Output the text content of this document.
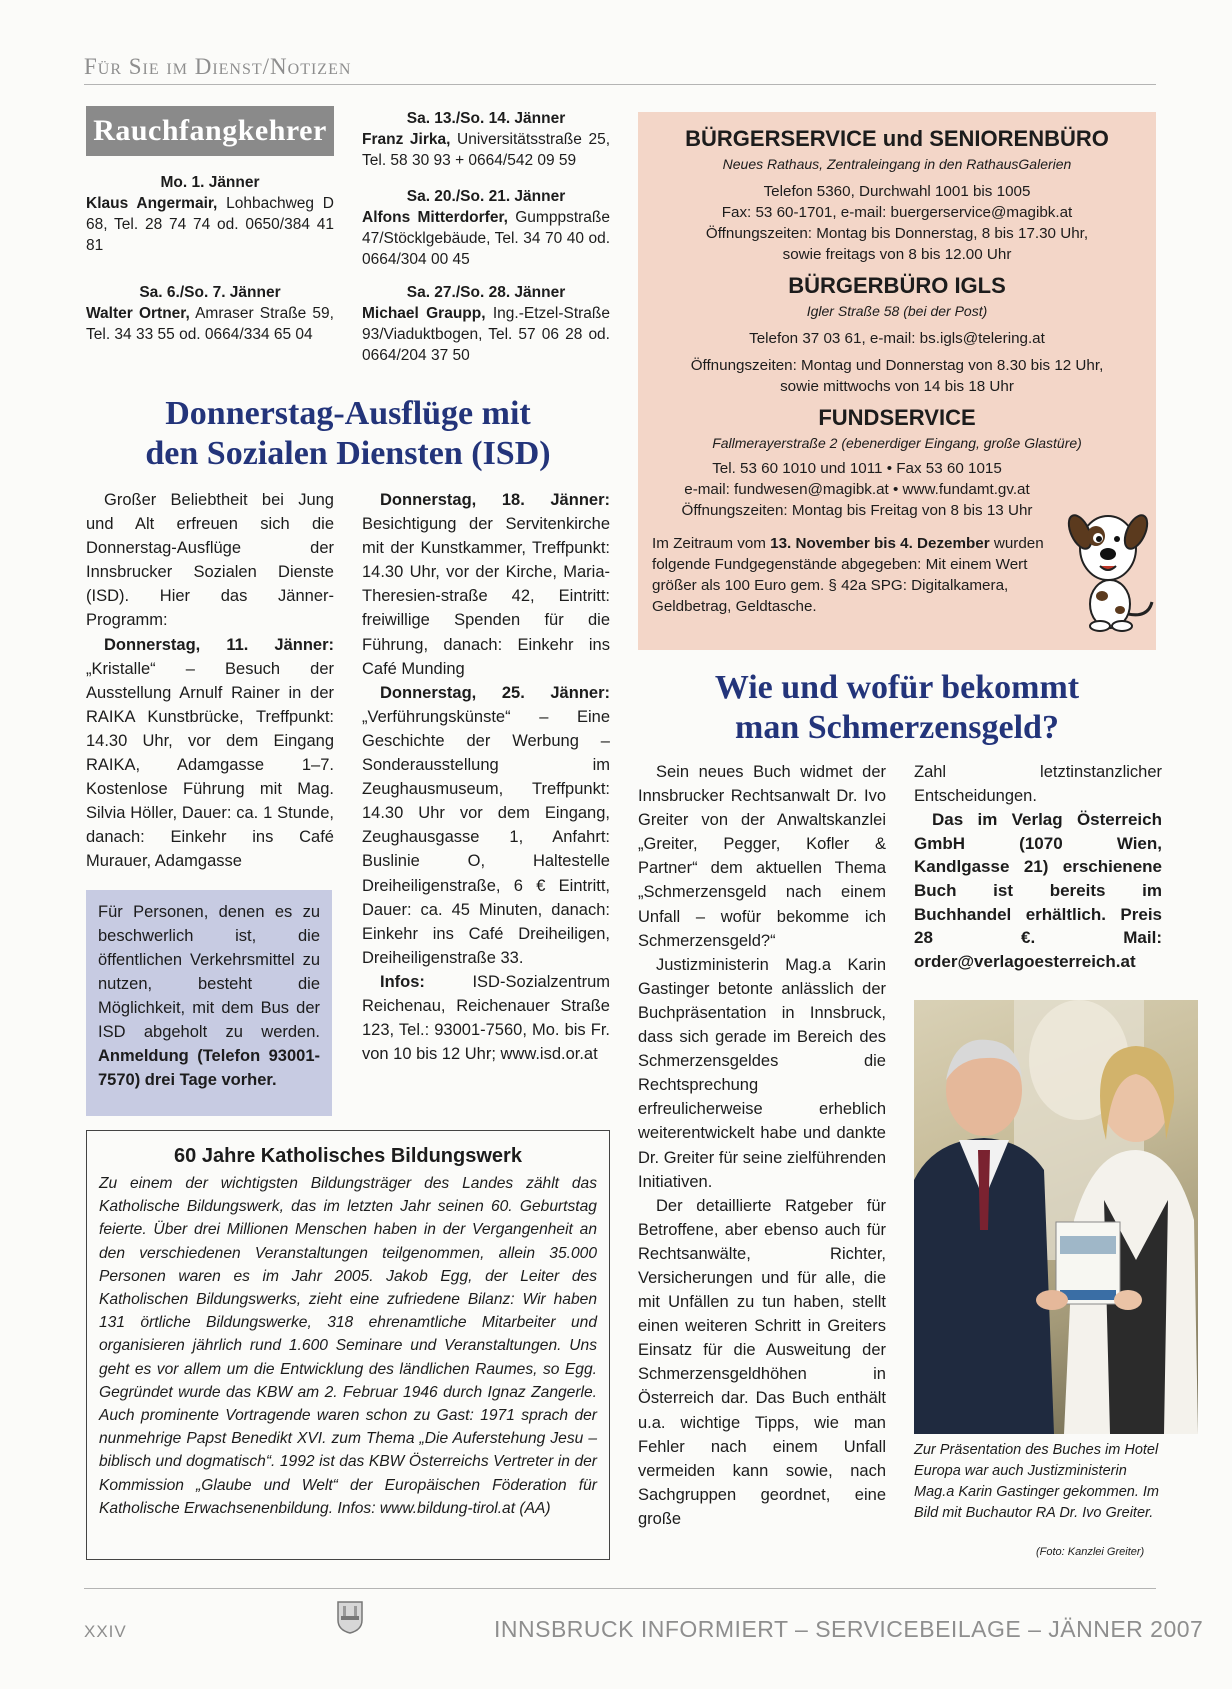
Für Sie im Dienst/Notizen
Rauchfangkehrer
Mo. 1. Jänner
Klaus Angermair, Lohbachweg D 68, Tel. 28 74 74 od. 0650/384 41 81
Sa. 6./So. 7. Jänner
Walter Ortner, Amraser Straße 59, Tel. 34 33 55 od. 0664/334 65 04
Sa. 13./So. 14. Jänner
Franz Jirka, Universitätsstraße 25, Tel. 58 30 93 + 0664/542 09 59
Sa. 20./So. 21. Jänner
Alfons Mitterdorfer, Gumppstraße 47/Stöcklgebäude, Tel. 34 70 40 od. 0664/304 00 45
Sa. 27./So. 28. Jänner
Michael Graupp, Ing.-Etzel-Straße 93/Viaduktbogen, Tel. 57 06 28 od. 0664/204 37 50
Donnerstag-Ausflüge mit
den Sozialen Diensten (ISD)

Großer Beliebtheit bei Jung und Alt erfreuen sich die Donnerstag-Ausflüge der Innsbrucker Sozialen Dienste (ISD). Hier das Jänner-Programm:

Donnerstag, 11. Jänner: „Kristalle“ – Besuch der Ausstellung Arnulf Rainer in der RAIKA Kunstbrücke, Treffpunkt: 14.30 Uhr, vor dem Eingang RAIKA, Adamgasse 1–7. Kostenlose Führung mit Mag. Silvia Höller, Dauer: ca. 1 Stunde, danach: Einkehr ins Café Murauer, Adamgasse

Für Personen, denen es zu beschwerlich ist, die öffentlichen Verkehrsmittel zu nutzen, besteht die Möglichkeit, mit dem Bus der ISD abgeholt zu werden. Anmeldung (Telefon 93001-7570) drei Tage vorher.

Donnerstag, 18. Jänner: Besichtigung der Servitenkirche mit der Kunstkammer, Treffpunkt: 14.30 Uhr, vor der Kirche, Maria-Theresien-straße 42, Eintritt: freiwillige Spenden für die Führung, danach: Einkehr ins Café Munding

Donnerstag, 25. Jänner: „Verführungskünste“ – Eine Geschichte der Werbung – Sonderausstellung im Zeughausmuseum, Treffpunkt: 14.30 Uhr vor dem Eingang, Zeughausgasse 1, Anfahrt: Buslinie O, Haltestelle Dreiheiligenstraße, 6 € Eintritt, Dauer: ca. 45 Minuten, danach: Einkehr ins Café Dreiheiligen, Dreiheiligenstraße 33.

Infos:	ISD-Sozialzentrum Reichenau, Reichenauer Straße 123, Tel.: 93001-7560, Mo. bis Fr. von 10 bis 12 Uhr; www.isd.or.at

60 Jahre Katholisches Bildungswerk

Zu einem der wichtigsten Bildungsträger des Landes zählt das Katholische Bildungswerk, das im letzten Jahr seinen 60. Geburtstag feierte. Über drei Millionen Menschen haben in der Vergangenheit an den verschiedenen Veranstaltungen teilgenommen, allein 35.000 Personen waren es im Jahr 2005. Jakob Egg, der Leiter des Katholischen Bildungswerks, zieht eine zufriedene Bilanz: Wir haben 131 örtliche Bildungswerke, 318 ehrenamtliche Mitarbeiter und organisieren jährlich rund 1.600 Seminare und Veranstaltungen. Uns geht es vor allem um die Entwicklung des ländlichen Raumes, so Egg. Gegründet wurde das KBW am 2. Februar 1946 durch Ignaz Zangerle. Auch prominente Vortragende waren schon zu Gast: 1971 sprach der nunmehrige Papst Benedikt XVI. zum Thema „Die Auferstehung Jesu – biblisch und dogmatisch“. 1992 ist das KBW Österreichs Vertreter in der Kommission „Glaube und Welt“ der Europäischen Föderation für Katholische Erwachsenenbildung. Infos: www.bildung-tirol.at (AA)

BÜRGERSERVICE und SENIORENBÜRO
Neues Rathaus, Zentraleingang in den RathausGalerien
Telefon 5360, Durchwahl 1001 bis 1005
Fax: 53 60-1701, e-mail: buergerservice@magibk.at
Öffnungszeiten: Montag bis Donnerstag, 8 bis 17.30 Uhr,
sowie freitags von 8 bis 12.00 Uhr
BÜRGERBÜRO IGLS
Igler Straße 58 (bei der Post)
Telefon 37 03 61, e-mail: bs.igls@telering.at
Öffnungszeiten: Montag und Donnerstag von 8.30 bis 12 Uhr,
sowie mittwochs von 14 bis 18 Uhr
FUNDSERVICE
Fallmerayerstraße 2 (ebenerdiger Eingang, große Glastüre)
Tel. 53 60 1010 und 1011 • Fax 53 60 1015
e-mail: fundwesen@magibk.at • www.fundamt.gv.at
Öffnungszeiten: Montag bis Freitag von 8 bis 13 Uhr
Im Zeitraum vom 13. November bis 4. Dezember wurden folgende Fundgegenstände abgegeben: Mit einem Wert größer als 100 Euro gem. § 42a SPG: Digitalkamera, Geldbetrag, Geldtasche.
Wie und wofür bekommt
man Schmerzensgeld?

Sein neues Buch widmet der Innsbrucker Rechtsanwalt Dr. Ivo Greiter von der Anwaltskanzlei „Greiter, Pegger, Kofler & Partner“ dem aktuellen Thema „Schmerzensgeld nach einem Unfall – wofür bekomme ich Schmerzensgeld?“

Justizministerin Mag.a Karin Gastinger betonte anlässlich der Buchpräsentation in Innsbruck, dass sich gerade im Bereich des Schmerzensgeldes die Rechtsprechung erfreulicherweise erheblich weiterentwickelt habe und dankte Dr. Greiter für seine zielführenden Initiativen.

Der detaillierte Ratgeber für Betroffene, aber ebenso auch für Rechtsanwälte, Richter, Versicherungen und für alle, die mit Unfällen zu tun haben, stellt einen weiteren Schritt in Greiters Einsatz für die Ausweitung der Schmerzensgeldhöhen in Österreich dar. Das Buch enthält u.a. wichtige Tipps, wie man Fehler nach einem Unfall vermeiden kann sowie, nach Sachgruppen geordnet, eine große

Zahl letztinstanzlicher Entscheidungen.

Das im Verlag Österreich GmbH (1070 Wien, Kandlgasse 21) erschienene Buch ist bereits im Buchhandel erhältlich. Preis 28 €. Mail: order@verlagoesterreich.at

Zur Präsentation des Buches im Hotel Europa war auch Justizministerin Mag.a Karin Gastinger gekommen. Im Bild mit Buchautor RA Dr. Ivo Greiter.
(Foto: Kanzlei Greiter)
XXIV	INNSBRUCK INFORMIERT – SERVICEBEILAGE – JÄNNER 2007
